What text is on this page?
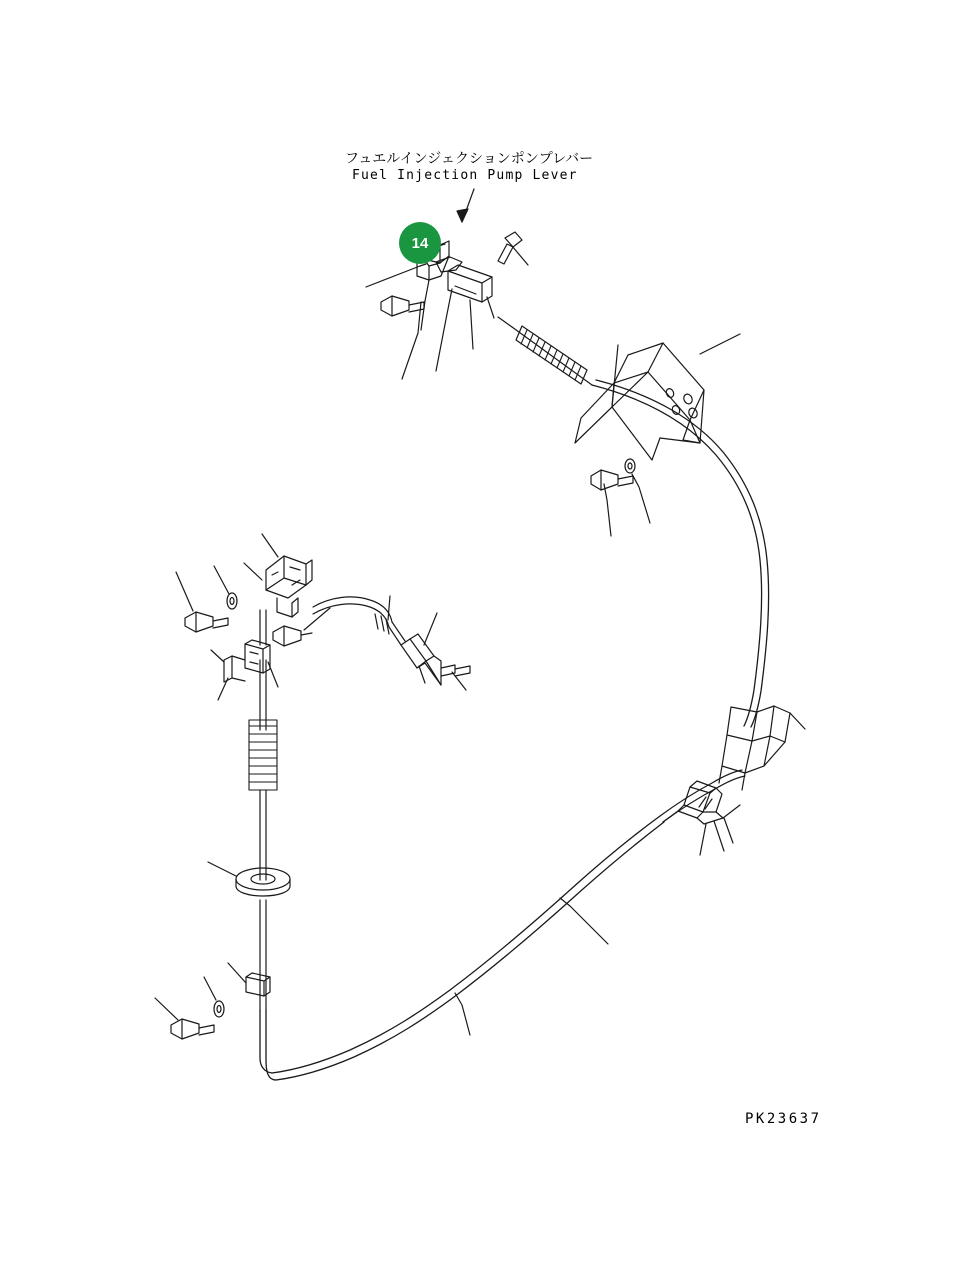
フュエルインジェクションポンプレバー
Fuel Injection Pump Lever
14
PK23637
